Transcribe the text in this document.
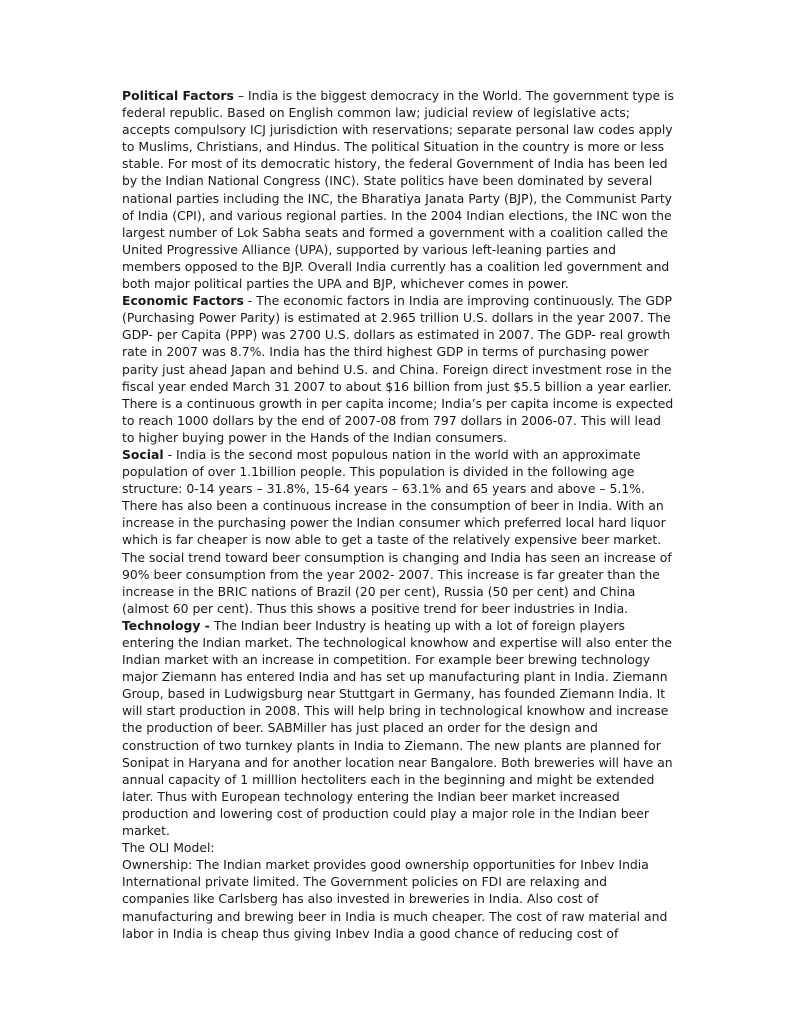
Political Factors – India is the biggest democracy in the World. The government type is federal republic. Based on English common law; judicial review of legislative acts; accepts compulsory ICJ jurisdiction with reservations; separate personal law codes apply to Muslims, Christians, and Hindus. The political Situation in the country is more or less stable. For most of its democratic history, the federal Government of India has been led by the Indian National Congress (INC). State politics have been dominated by several national parties including the INC, the Bharatiya Janata Party (BJP), the Communist Party of India (CPI), and various regional parties. In the 2004 Indian elections, the INC won the largest number of Lok Sabha seats and formed a government with a coalition called the United Progressive Alliance (UPA), supported by various left-leaning parties and members opposed to the BJP. Overall India currently has a coalition led government and both major political parties the UPA and BJP, whichever comes in power.

Economic Factors - The economic factors in India are improving continuously. The GDP (Purchasing Power Parity) is estimated at 2.965 trillion U.S. dollars in the year 2007. The GDP- per Capita (PPP) was 2700 U.S. dollars as estimated in 2007. The GDP- real growth rate in 2007 was 8.7%. India has the third highest GDP in terms of purchasing power parity just ahead Japan and behind U.S. and China. Foreign direct investment rose in the fiscal year ended March 31 2007 to about $16 billion from just $5.5 billion a year earlier. There is a continuous growth in per capita income; India’s per capita income is expected to reach 1000 dollars by the end of 2007-08 from 797 dollars in 2006-07. This will lead to higher buying power in the Hands of the Indian consumers.

Social - India is the second most populous nation in the world with an approximate population of over 1.1billion people. This population is divided in the following age structure: 0-14 years – 31.8%, 15-64 years – 63.1% and 65 years and above – 5.1%. There has also been a continuous increase in the consumption of beer in India. With an increase in the purchasing power the Indian consumer which preferred local hard liquor which is far cheaper is now able to get a taste of the relatively expensive beer market. The social trend toward beer consumption is changing and India has seen an increase of 90% beer consumption from the year 2002- 2007. This increase is far greater than the increase in the BRIC nations of Brazil (20 per cent), Russia (50 per cent) and China (almost 60 per cent). Thus this shows a positive trend for beer industries in India.

Technology - The Indian beer Industry is heating up with a lot of foreign players entering the Indian market. The technological knowhow and expertise will also enter the Indian market with an increase in competition. For example beer brewing technology major Ziemann has entered India and has set up manufacturing plant in India. Ziemann Group, based in Ludwigsburg near Stuttgart in Germany, has founded Ziemann India. It will start production in 2008. This will help bring in technological knowhow and increase the production of beer. SABMiller has just placed an order for the design and construction of two turnkey plants in India to Ziemann. The new plants are planned for Sonipat in Haryana and for another location near Bangalore. Both breweries will have an annual capacity of 1 milllion hectoliters each in the beginning and might be extended later. Thus with European technology entering the Indian beer market increased production and lowering cost of production could play a major role in the Indian beer market.

The OLI Model:

Ownership: The Indian market provides good ownership opportunities for Inbev India International private limited. The Government policies on FDI are relaxing and companies like Carlsberg has also invested in breweries in India. Also cost of manufacturing and brewing beer in India is much cheaper. The cost of raw material and labor in India is cheap thus giving Inbev India a good chance of reducing cost of
